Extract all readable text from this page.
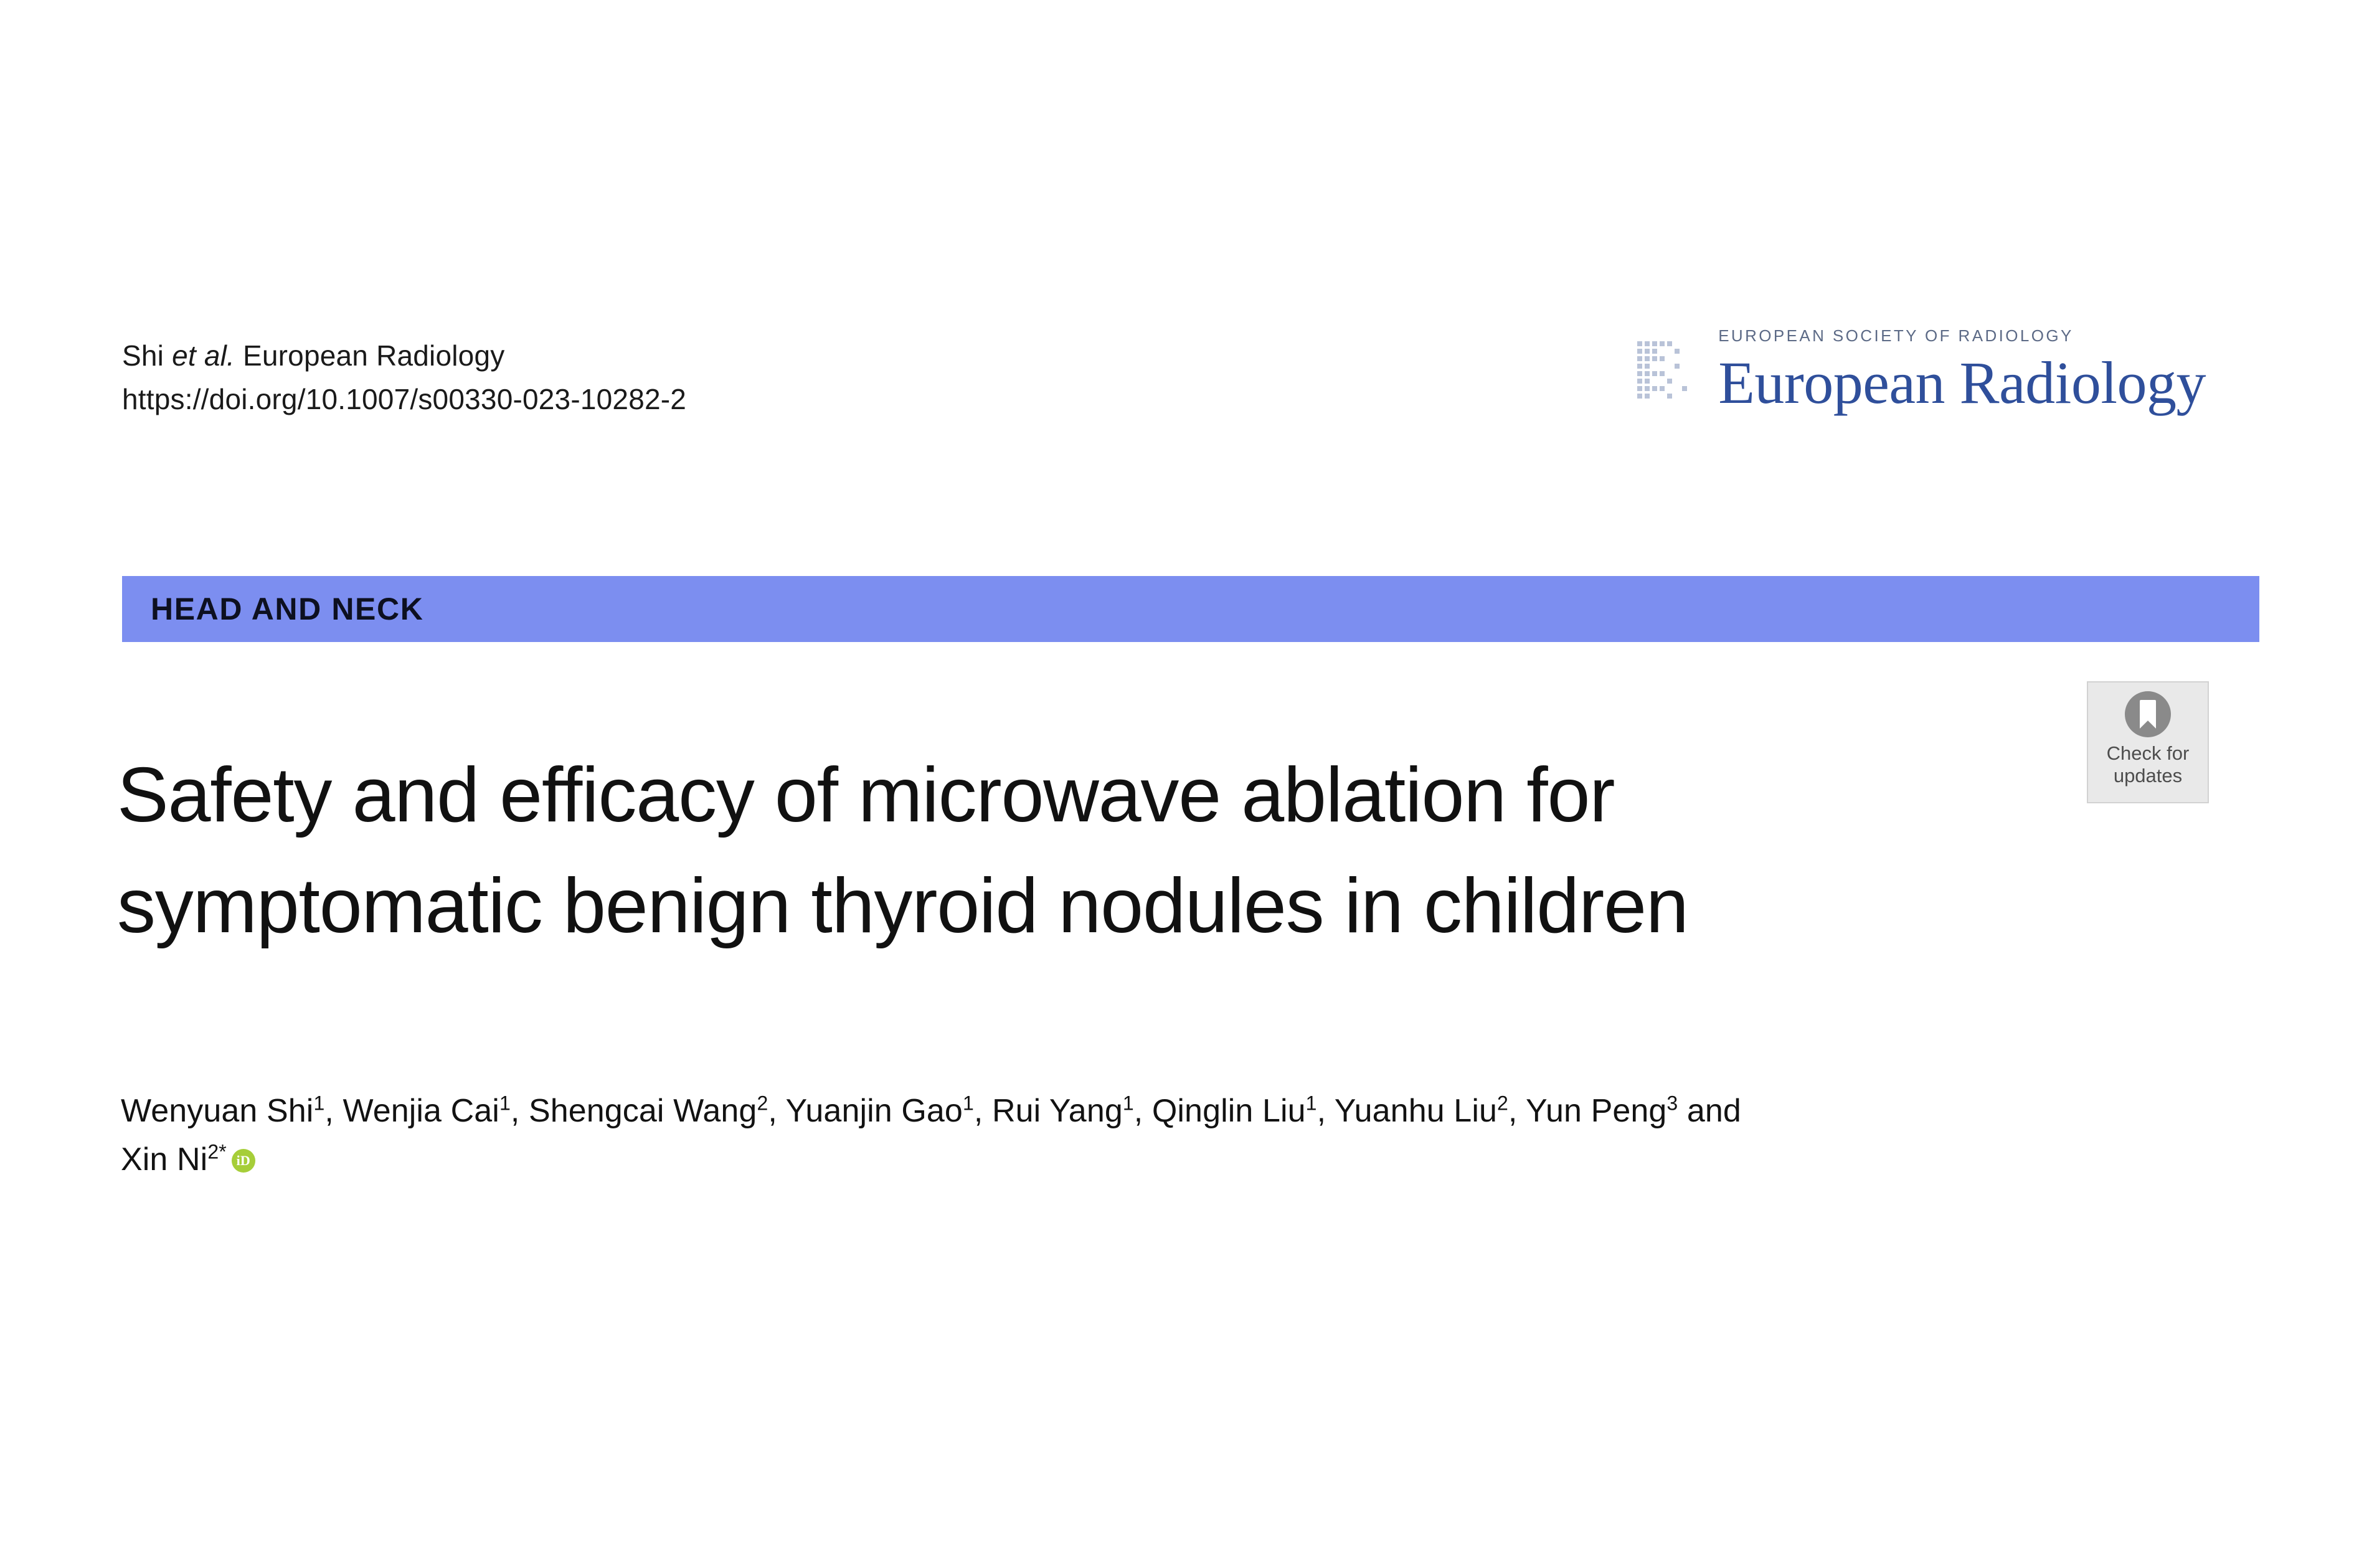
Shi et al. European Radiology
https://doi.org/10.1007/s00330-023-10282-2
EUROPEAN SOCIETY OF RADIOLOGY
European Radiology
HEAD AND NECK
Safety and efficacy of microwave ablation for symptomatic benign thyroid nodules in children
Check for
updates
Wenyuan Shi$^1$, Wenjia Cai$^1$, Shengcai Wang$^2$, Yuanjin Gao$^1$, Rui Yang$^1$, Qinglin Liu$^1$, Yuanhu Liu$^2$, Yun Peng$^3$ and
Xin $Ni^{2*}iD$
